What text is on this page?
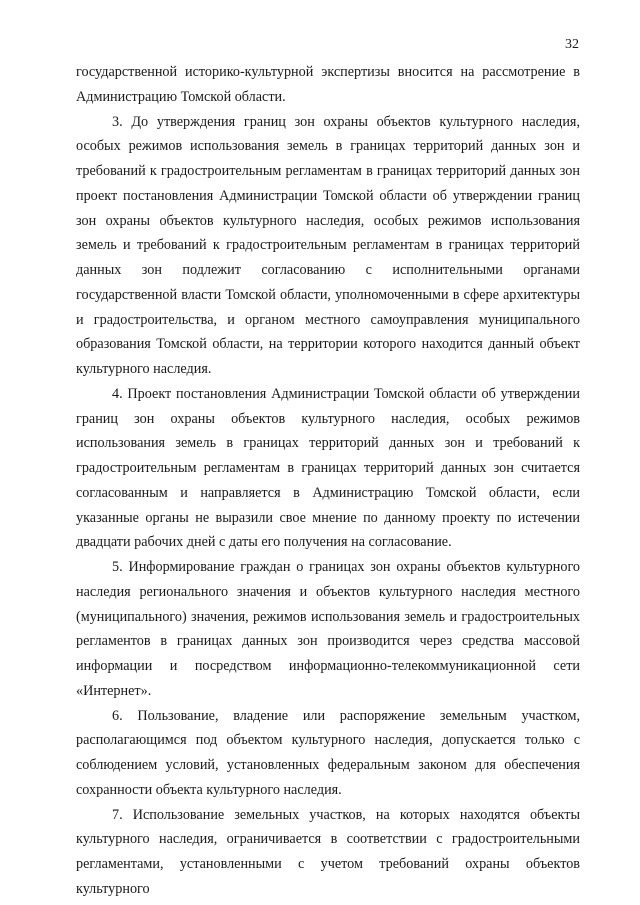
32

государственной историко-культурной экспертизы вносится на рассмотрение в Администрацию Томской области.

3. До утверждения границ зон охраны объектов культурного наследия, особых режимов использования земель в границах территорий данных зон и требований к градостроительным регламентам в границах территорий данных зон проект постановления Администрации Томской области об утверждении границ зон охраны объектов культурного наследия, особых режимов использования земель и требований к градостроительным регламентам в границах территорий данных зон подлежит согласованию с исполнительными органами государственной власти Томской области, уполномоченными в сфере архитектуры и градостроительства, и органом местного самоуправления муниципального образования Томской области, на территории которого находится данный объект культурного наследия.

4. Проект постановления Администрации Томской области об утверждении границ зон охраны объектов культурного наследия, особых режимов использования земель в границах территорий данных зон и требований к градостроительным регламентам в границах территорий данных зон считается согласованным и направляется в Администрацию Томской области, если указанные органы не выразили свое мнение по данному проекту по истечении двадцати рабочих дней с даты его получения на согласование.

5. Информирование граждан о границах зон охраны объектов культурного наследия регионального значения и объектов культурного наследия местного (муниципального) значения, режимов использования земель и градостроительных регламентов в границах данных зон производится через средства массовой информации и посредством информационно-телекоммуникационной сети «Интернет».

6. Пользование, владение или распоряжение земельным участком, располагающимся под объектом культурного наследия, допускается только с соблюдением условий, установленных федеральным законом для обеспечения сохранности объекта культурного наследия.

7. Использование земельных участков, на которых находятся объекты культурного наследия, ограничивается в соответствии с градостроительными регламентами, установленными с учетом требований охраны объектов культурного
